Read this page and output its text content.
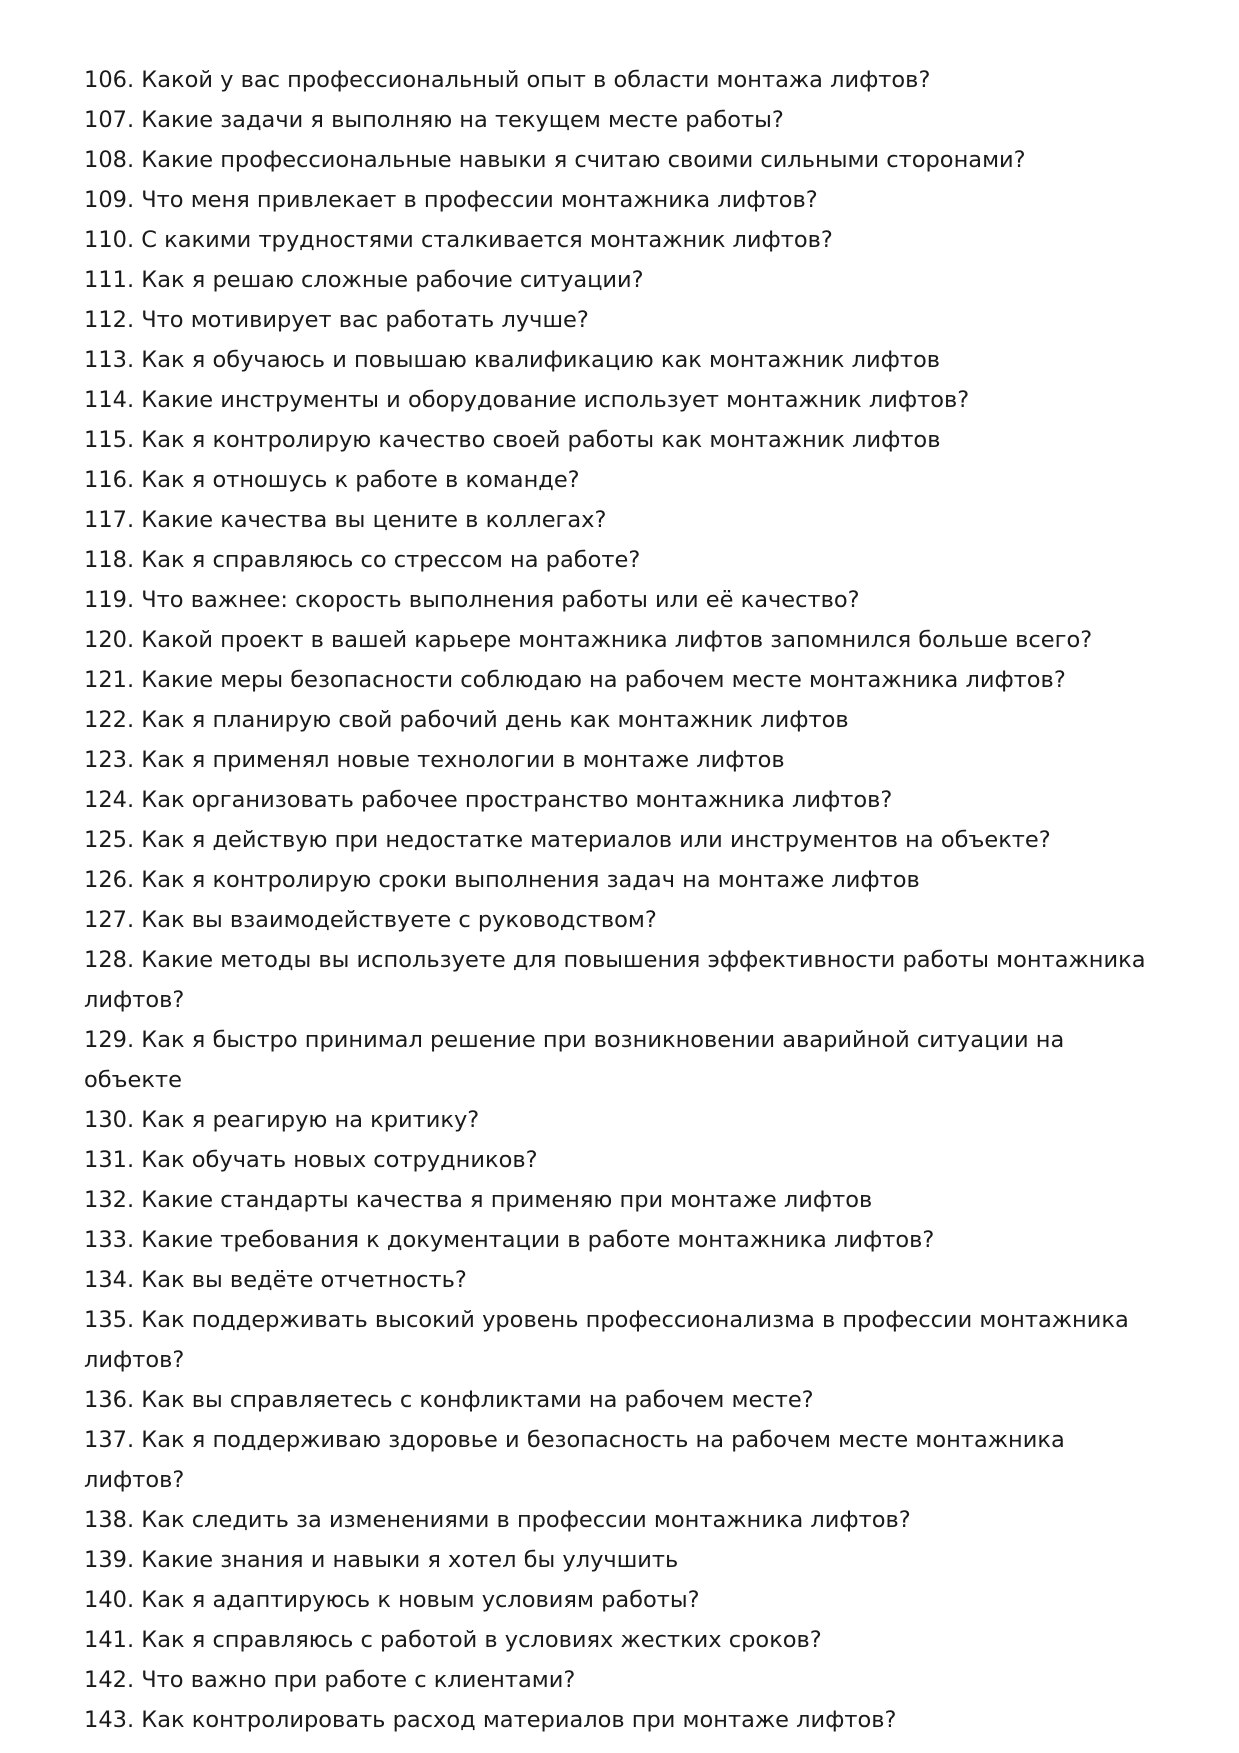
106. Какой у вас профессиональный опыт в области монтажа лифтов?
107. Какие задачи я выполняю на текущем месте работы?
108. Какие профессиональные навыки я считаю своими сильными сторонами?
109. Что меня привлекает в профессии монтажника лифтов?
110. С какими трудностями сталкивается монтажник лифтов?
111. Как я решаю сложные рабочие ситуации?
112. Что мотивирует вас работать лучше?
113. Как я обучаюсь и повышаю квалификацию как монтажник лифтов
114. Какие инструменты и оборудование использует монтажник лифтов?
115. Как я контролирую качество своей работы как монтажник лифтов
116. Как я отношусь к работе в команде?
117. Какие качества вы цените в коллегах?
118. Как я справляюсь со стрессом на работе?
119. Что важнее: скорость выполнения работы или её качество?
120. Какой проект в вашей карьере монтажника лифтов запомнился больше всего?
121. Какие меры безопасности соблюдаю на рабочем месте монтажника лифтов?
122. Как я планирую свой рабочий день как монтажник лифтов
123. Как я применял новые технологии в монтаже лифтов
124. Как организовать рабочее пространство монтажника лифтов?
125. Как я действую при недостатке материалов или инструментов на объекте?
126. Как я контролирую сроки выполнения задач на монтаже лифтов
127. Как вы взаимодействуете с руководством?
128. Какие методы вы используете для повышения эффективности работы монтажника лифтов?
129. Как я быстро принимал решение при возникновении аварийной ситуации на объекте
130. Как я реагирую на критику?
131. Как обучать новых сотрудников?
132. Какие стандарты качества я применяю при монтаже лифтов
133. Какие требования к документации в работе монтажника лифтов?
134. Как вы ведёте отчетность?
135. Как поддерживать высокий уровень профессионализма в профессии монтажника лифтов?
136. Как вы справляетесь с конфликтами на рабочем месте?
137. Как я поддерживаю здоровье и безопасность на рабочем месте монтажника лифтов?
138. Как следить за изменениями в профессии монтажника лифтов?
139. Какие знания и навыки я хотел бы улучшить
140. Как я адаптируюсь к новым условиям работы?
141. Как я справляюсь с работой в условиях жестких сроков?
142. Что важно при работе с клиентами?
143. Как контролировать расход материалов при монтаже лифтов?
